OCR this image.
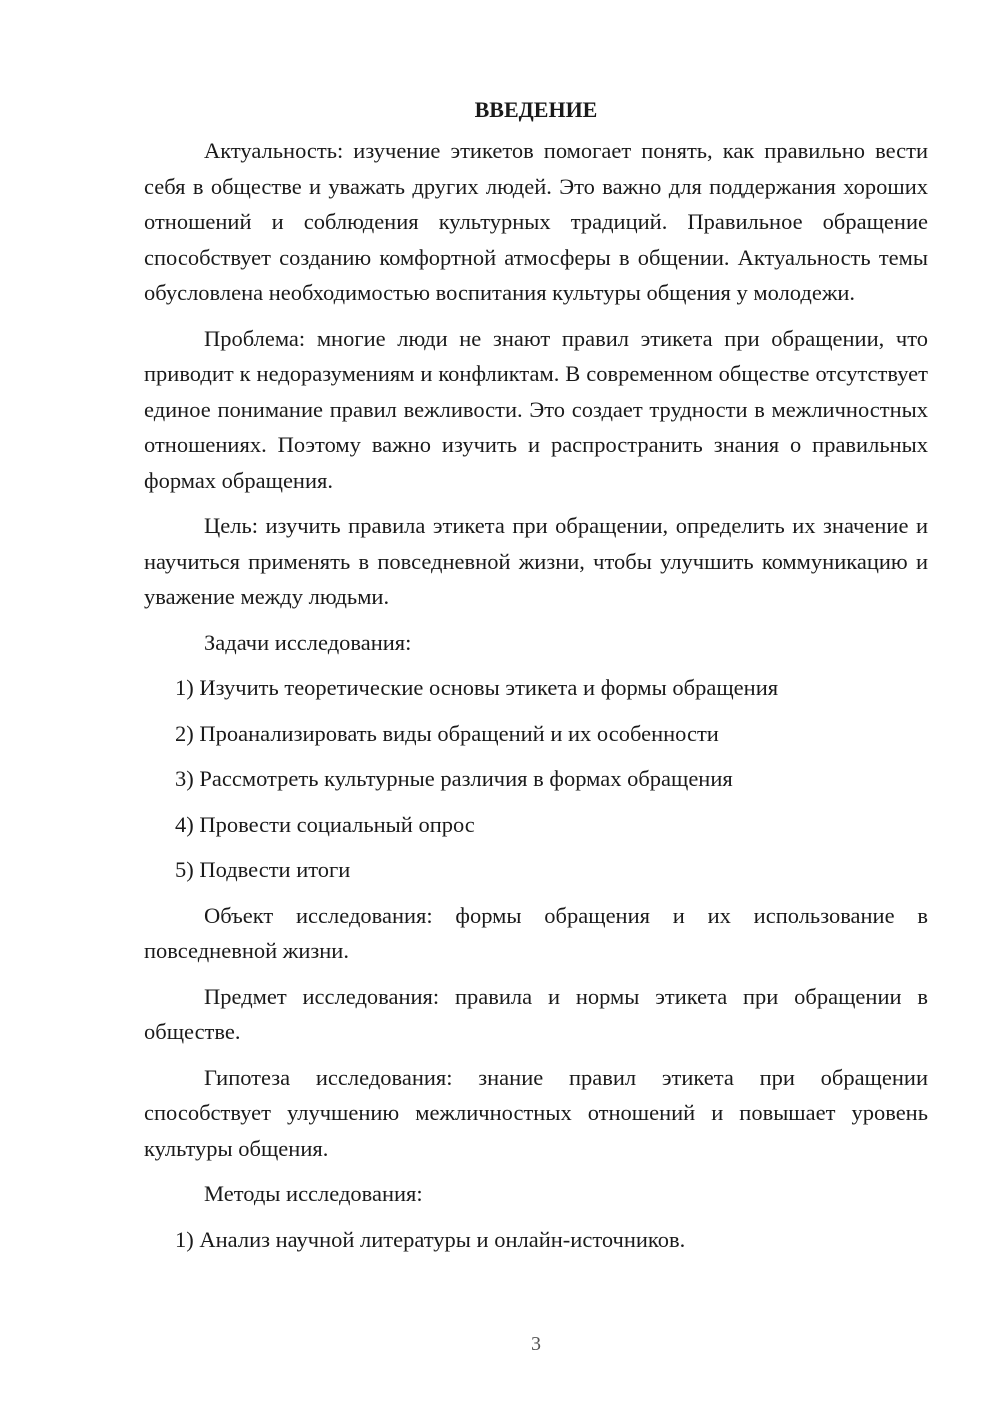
ВВЕДЕНИЕ

Актуальность: изучение этикетов помогает понять, как правильно вести себя в обществе и уважать других людей. Это важно для поддержания хороших отношений и соблюдения культурных традиций. Правильное обращение способствует созданию комфортной атмосферы в общении. Актуальность темы обусловлена необходимостью воспитания культуры общения у молодежи.

Проблема: многие люди не знают правил этикета при обращении, что приводит к недоразумениям и конфликтам. В современном обществе отсутствует единое понимание правил вежливости. Это создает трудности в межличностных отношениях. Поэтому важно изучить и распространить знания о правильных формах обращения.

Цель: изучить правила этикета при обращении, определить их значение и научиться применять в повседневной жизни, чтобы улучшить коммуникацию и уважение между людьми.

Задачи исследования:

1) Изучить теоретические основы этикета и формы обращения
2) Проанализировать виды обращений и их особенности
3) Рассмотреть культурные различия в формах обращения
4) Провести социальный опрос
5) Подвести итоги

Объект исследования: формы обращения и их использование в повседневной жизни.

Предмет исследования: правила и нормы этикета при обращении в обществе.

Гипотеза исследования: знание правил этикета при обращении способствует улучшению межличностных отношений и повышает уровень культуры общения.

Методы исследования:

1) Анализ научной литературы и онлайн-источников.
3
